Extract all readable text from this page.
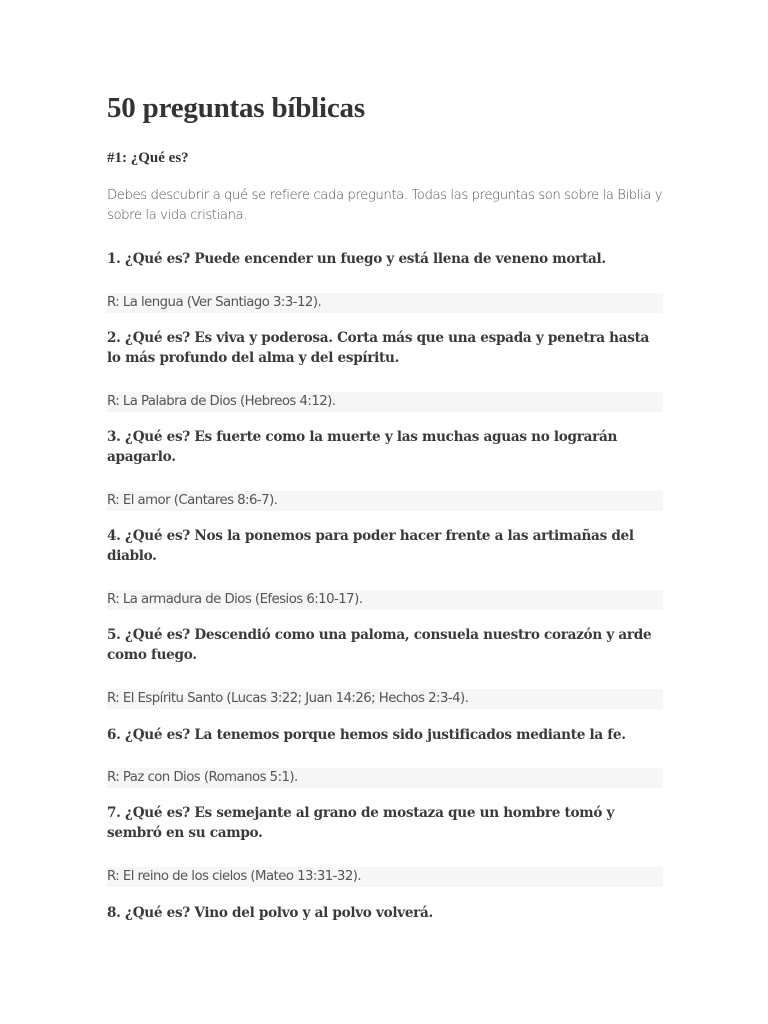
50 preguntas bíblicas
#1: ¿Qué es?

Debes descubrir a qué se refiere cada pregunta. Todas las preguntas son sobre la Biblia y sobre la vida cristiana.

1. ¿Qué es? Puede encender un fuego y está llena de veneno mortal.

R: La lengua (Ver Santiago 3:3-12).

2. ¿Qué es? Es viva y poderosa. Corta más que una espada y penetra hasta lo más profundo del alma y del espíritu.

R: La Palabra de Dios (Hebreos 4:12).

3. ¿Qué es? Es fuerte como la muerte y las muchas aguas no lograrán apagarlo.

R: El amor (Cantares 8:6-7).

4. ¿Qué es? Nos la ponemos para poder hacer frente a las artimañas del diablo.

R: La armadura de Dios (Efesios 6:10-17).

5. ¿Qué es? Descendió como una paloma, consuela nuestro corazón y arde como fuego.

R: El Espíritu Santo (Lucas 3:22; Juan 14:26; Hechos 2:3-4).

6. ¿Qué es? La tenemos porque hemos sido justificados mediante la fe.

R: Paz con Dios (Romanos 5:1).

7. ¿Qué es? Es semejante al grano de mostaza que un hombre tomó y sembró en su campo.

R: El reino de los cielos (Mateo 13:31-32).

8. ¿Qué es? Vino del polvo y al polvo volverá.
